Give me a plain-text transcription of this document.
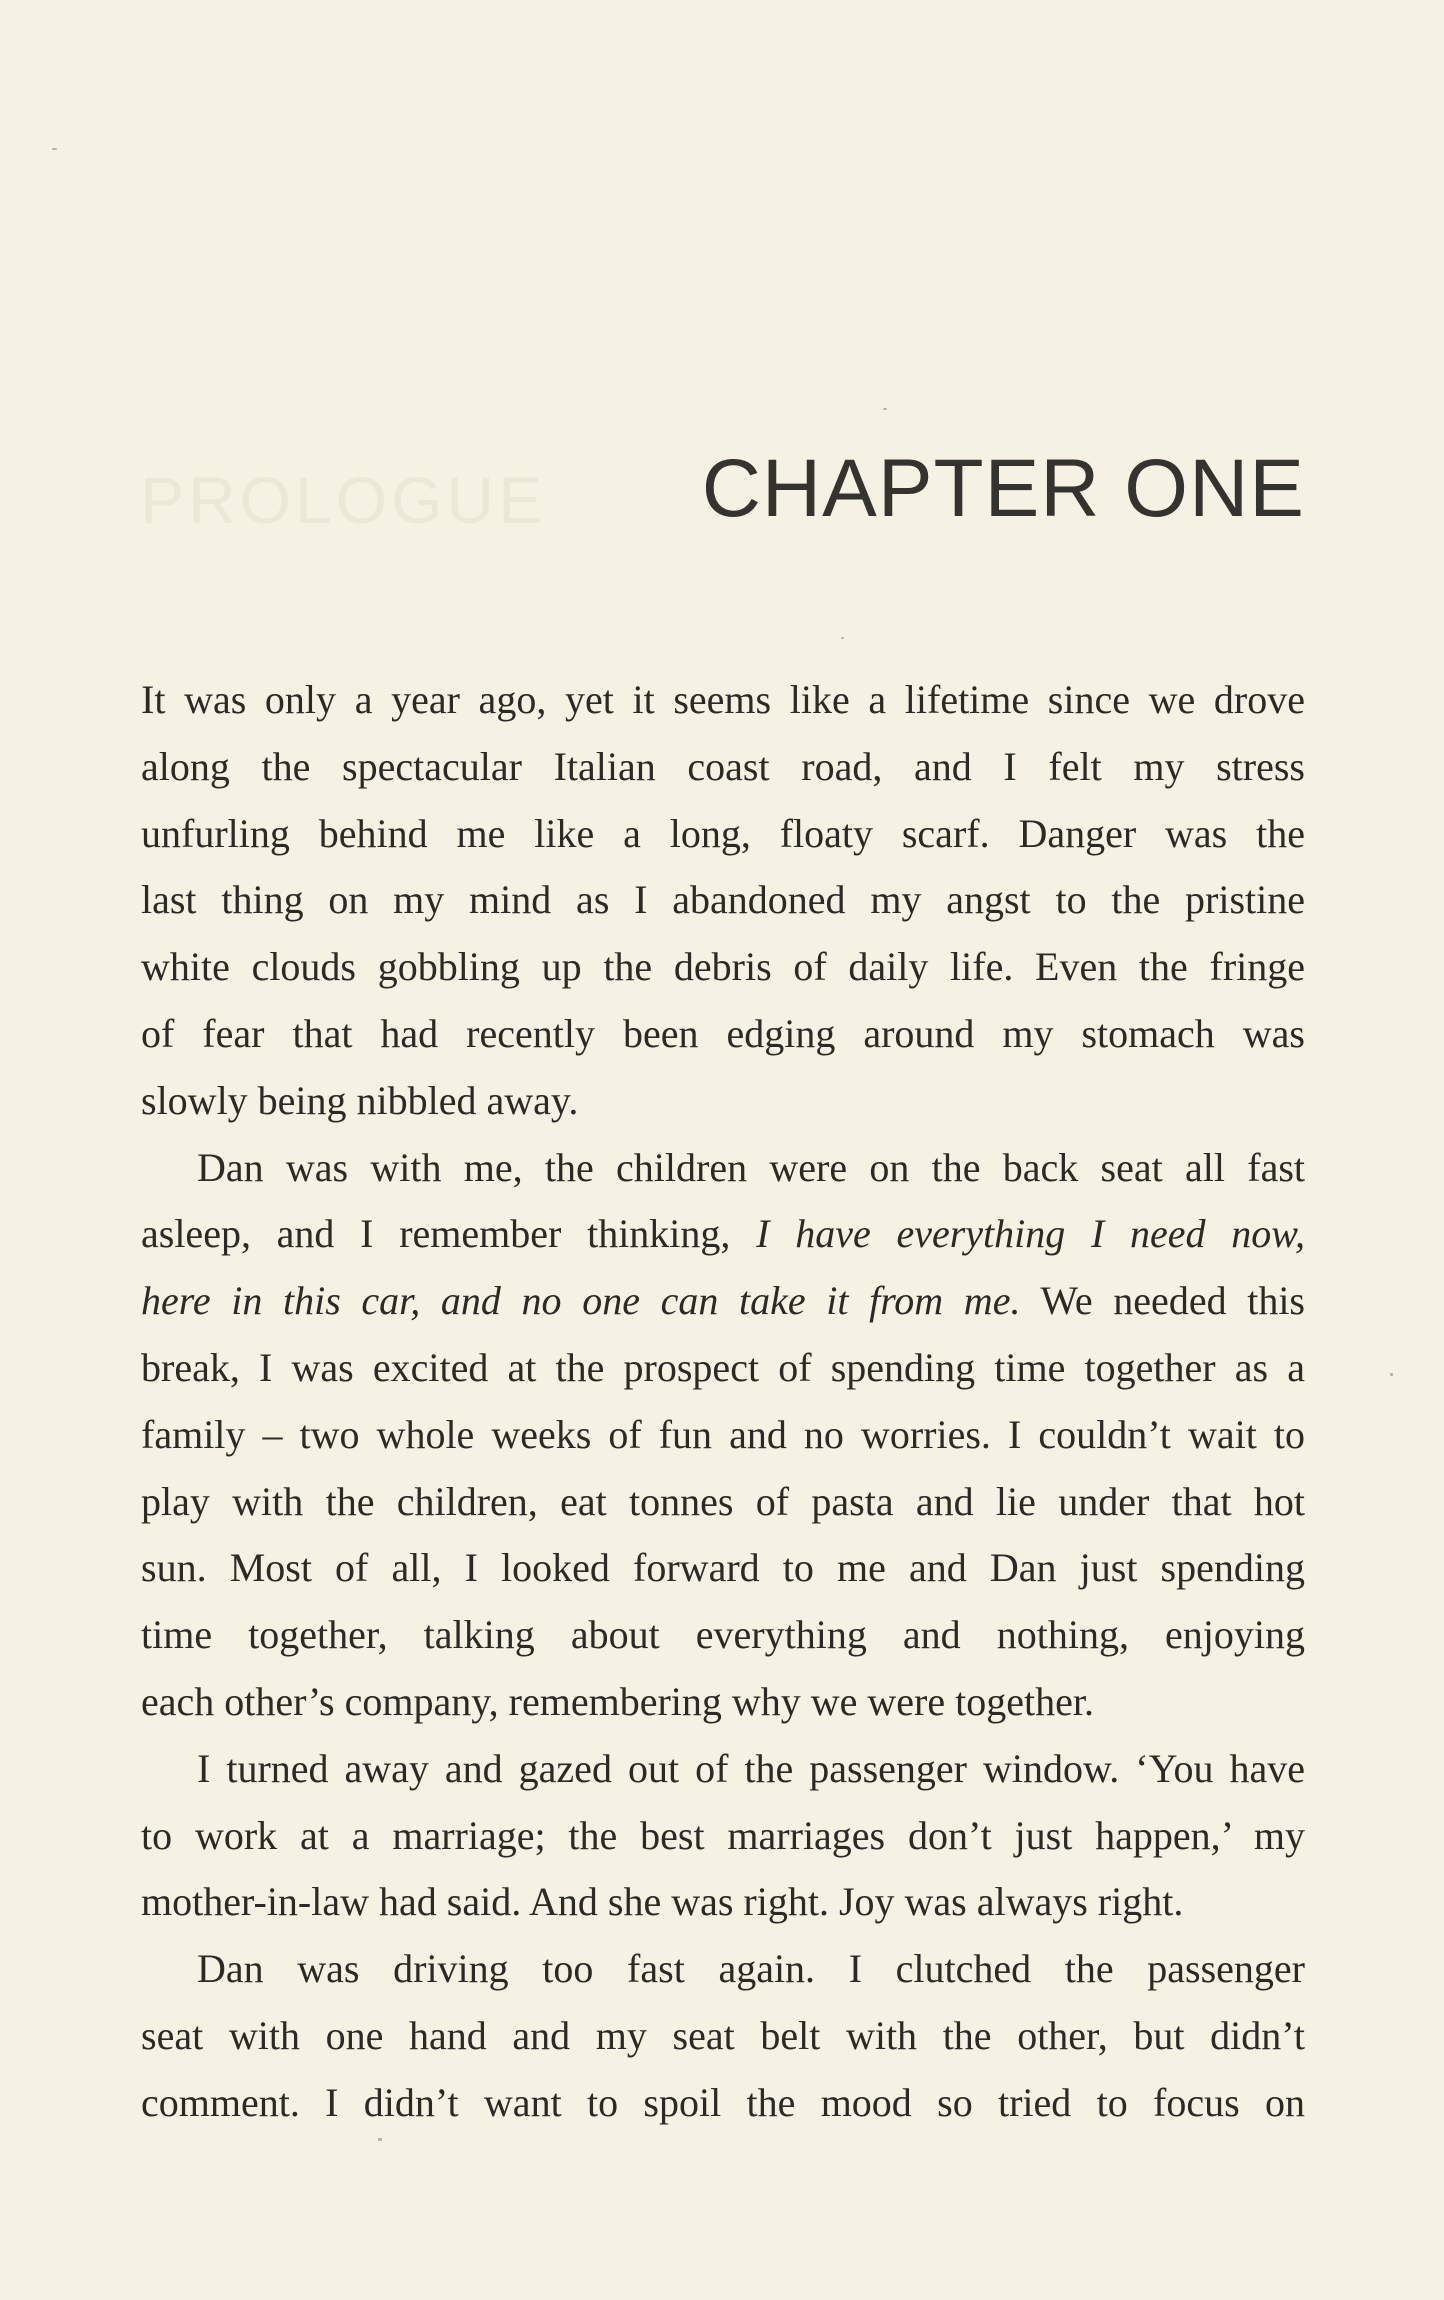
PROLOGUE CHAPTER ONE

It was only a year ago, yet it seems like a lifetime since we drove
along the spectacular Italian coast road, and I felt my stress
unfurling behind me like a long, floaty scarf. Danger was the
last thing on my mind as I abandoned my angst to the pristine
white clouds gobbling up the debris of daily life. Even the fringe
of fear that had recently been edging around my stomach was
slowly being nibbled away.

Dan was with me, the children were on the back seat all fast
asleep, and I remember thinking, I have everything I need now,
here in this car, and no one can take it from me. We needed this
break, I was excited at the prospect of spending time together as a
family – two whole weeks of fun and no worries. I couldn’t wait to
play with the children, eat tonnes of pasta and lie under that hot
sun. Most of all, I looked forward to me and Dan just spending
time together, talking about everything and nothing, enjoying
each other’s company, remembering why we were together.

I turned away and gazed out of the passenger window. ‘You have
to work at a marriage; the best marriages don’t just happen,’ my
mother-in-law had said. And she was right. Joy was always right.

Dan was driving too fast again. I clutched the passenger
seat with one hand and my seat belt with the other, but didn’t
comment. I didn’t want to spoil the mood so tried to focus on
